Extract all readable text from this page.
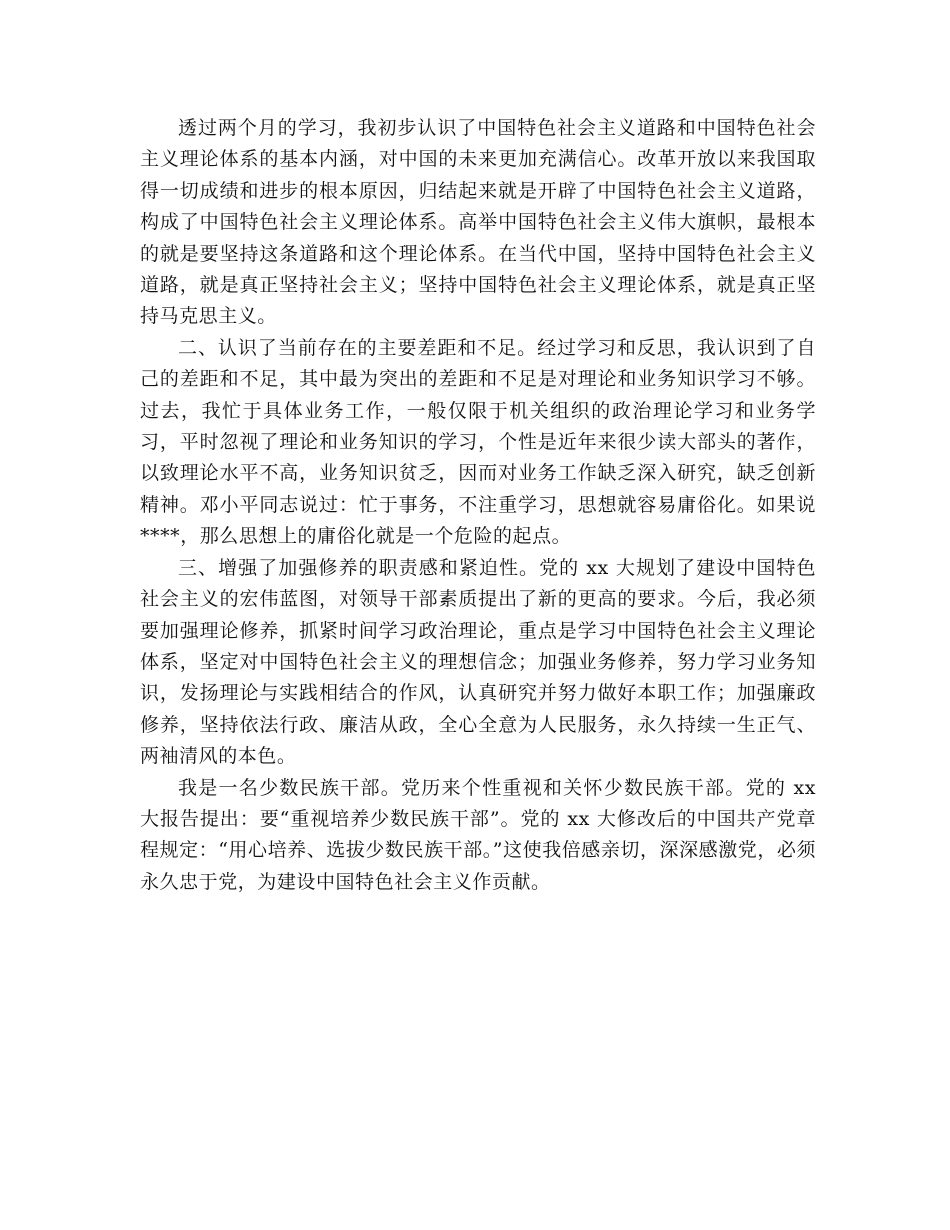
透过两个月的学习，我初步认识了中国特色社会主义道路和中国特色社会主义理论体系的基本内涵，对中国的未来更加充满信心。改革开放以来我国取得一切成绩和进步的根本原因，归结起来就是开辟了中国特色社会主义道路，构成了中国特色社会主义理论体系。高举中国特色社会主义伟大旗帜，最根本的就是要坚持这条道路和这个理论体系。在当代中国，坚持中国特色社会主义道路，就是真正坚持社会主义；坚持中国特色社会主义理论体系，就是真正坚持马克思主义。

二、认识了当前存在的主要差距和不足。经过学习和反思，我认识到了自己的差距和不足，其中最为突出的差距和不足是对理论和业务知识学习不够。过去，我忙于具体业务工作，一般仅限于机关组织的政治理论学习和业务学习，平时忽视了理论和业务知识的学习，个性是近年来很少读大部头的著作，以致理论水平不高，业务知识贫乏，因而对业务工作缺乏深入研究，缺乏创新精神。邓小平同志说过：忙于事务，不注重学习，思想就容易庸俗化。如果说****，那么思想上的庸俗化就是一个危险的起点。

三、增强了加强修养的职责感和紧迫性。党的 xx 大规划了建设中国特色社会主义的宏伟蓝图，对领导干部素质提出了新的更高的要求。今后，我必须要加强理论修养，抓紧时间学习政治理论，重点是学习中国特色社会主义理论体系，坚定对中国特色社会主义的理想信念；加强业务修养，努力学习业务知识，发扬理论与实践相结合的作风，认真研究并努力做好本职工作；加强廉政修养，坚持依法行政、廉洁从政，全心全意为人民服务，永久持续一生正气、两袖清风的本色。

我是一名少数民族干部。党历来个性重视和关怀少数民族干部。党的 xx 大报告提出：要“重视培养少数民族干部”。党的 xx 大修改后的中国共产党章程规定：“用心培养、选拔少数民族干部。”这使我倍感亲切，深深感激党，必须永久忠于党，为建设中国特色社会主义作贡献。
